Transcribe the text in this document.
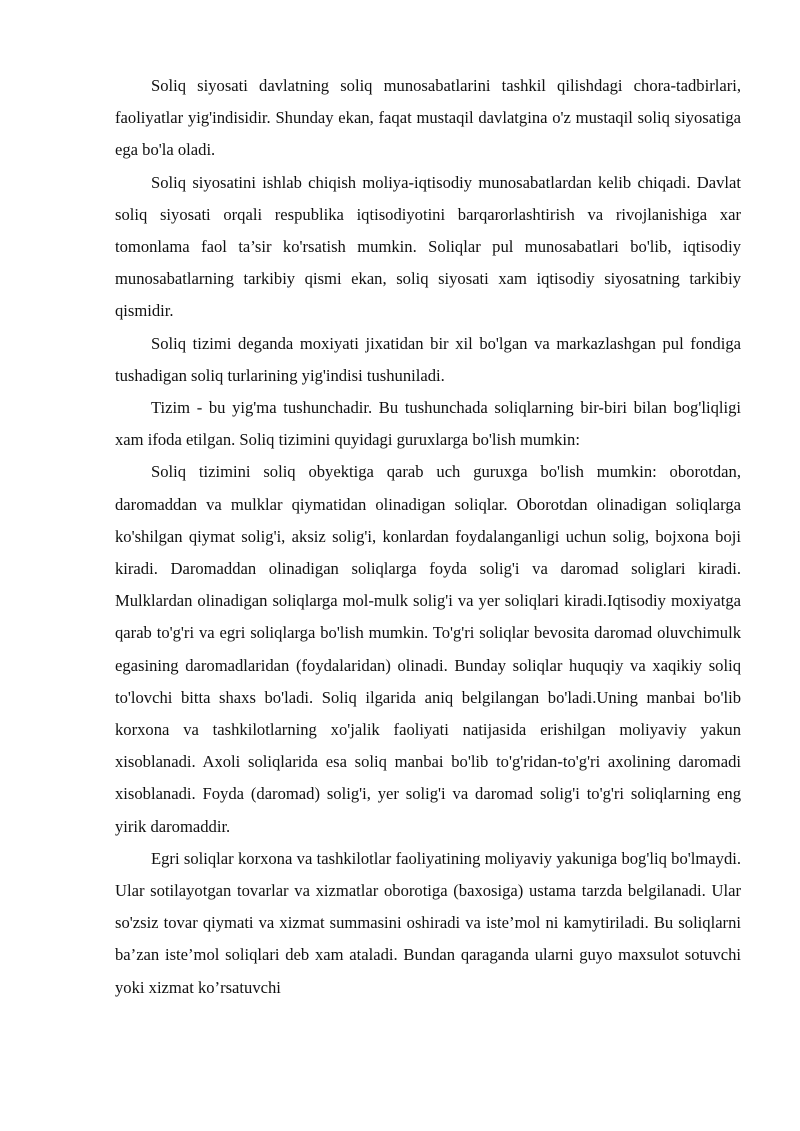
Soliq siyosati davlatning soliq munosabatlarini tashkil qilishdagi chora-tadbirlari, faoliyatlar yig'indisidir. Shunday ekan, faqat mustaqil davlatgina o'z mustaqil soliq siyosatiga ega bo'la oladi.

Soliq siyosatini ishlab chiqish moliya-iqtisodiy munosabatlardan kelib chiqadi. Davlat soliq siyosati orqali respublika iqtisodiyotini barqarorlashtirish va rivojlanishiga xar tomonlama faol ta’sir ko'rsatish mumkin. Soliqlar pul munosabatlari bo'lib, iqtisodiy munosabatlarning tarkibiy qismi ekan, soliq siyosati xam iqtisodiy siyosatning tarkibiy qismidir.

Soliq tizimi deganda moxiyati jixatidan bir xil bo'lgan va markazlashgan pul fondiga tushadigan soliq turlarining yig'indisi tushuniladi.

Tizim - bu yig'ma tushunchadir. Bu tushunchada soliqlarning bir-biri bilan bog'liqligi xam ifoda etilgan. Soliq tizimini quyidagi guruxlarga bo'lish mumkin:

Soliq tizimini soliq obyektiga qarab uch guruxga bo'lish mumkin: oborotdan, daromaddan va mulklar qiymatidan olinadigan soliqlar. Oborotdan olinadigan soliqlarga ko'shilgan qiymat solig'i, aksiz solig'i, konlardan foydalanganligi uchun solig, bojxona boji kiradi. Daromaddan olinadigan soliqlarga foyda solig'i va daromad soliglari kiradi. Mulklardan olinadigan soliqlarga mol-mulk solig'i va yer soliqlari kiradi.Iqtisodiy moxiyatga qarab to'g'ri va egri soliqlarga bo'lish mumkin. To'g'ri soliqlar bevosita daromad oluvchimulk egasining daromadlaridan (foydalaridan) olinadi. Bunday soliqlar huquqiy va xaqikiy soliq to'lovchi bitta shaxs bo'ladi. Soliq ilgarida aniq belgilangan bo'ladi.Uning manbai bo'lib korxona va tashkilotlarning xo'jalik faoliyati natijasida erishilgan moliyaviy yakun xisoblanadi. Axoli soliqlarida esa soliq manbai bo'lib to'g'ridan-to'g'ri axolining daromadi xisoblanadi. Foyda (daromad) solig'i, yer solig'i va daromad solig'i to'g'ri soliqlarning eng yirik daromaddir.

Egri soliqlar korxona va tashkilotlar faoliyatining moliyaviy yakuniga bog'liq bo'lmaydi. Ular sotilayotgan tovarlar va xizmatlar oborotiga (baxosiga) ustama tarzda belgilanadi. Ular so'zsiz tovar qiymati va xizmat summasini oshiradi va iste’mol ni kamytiriladi. Bu soliqlarni ba’zan iste’mol soliqlari deb xam ataladi. Bundan qaraganda ularni guyo maxsulot sotuvchi yoki xizmat ko’rsatuvchi
